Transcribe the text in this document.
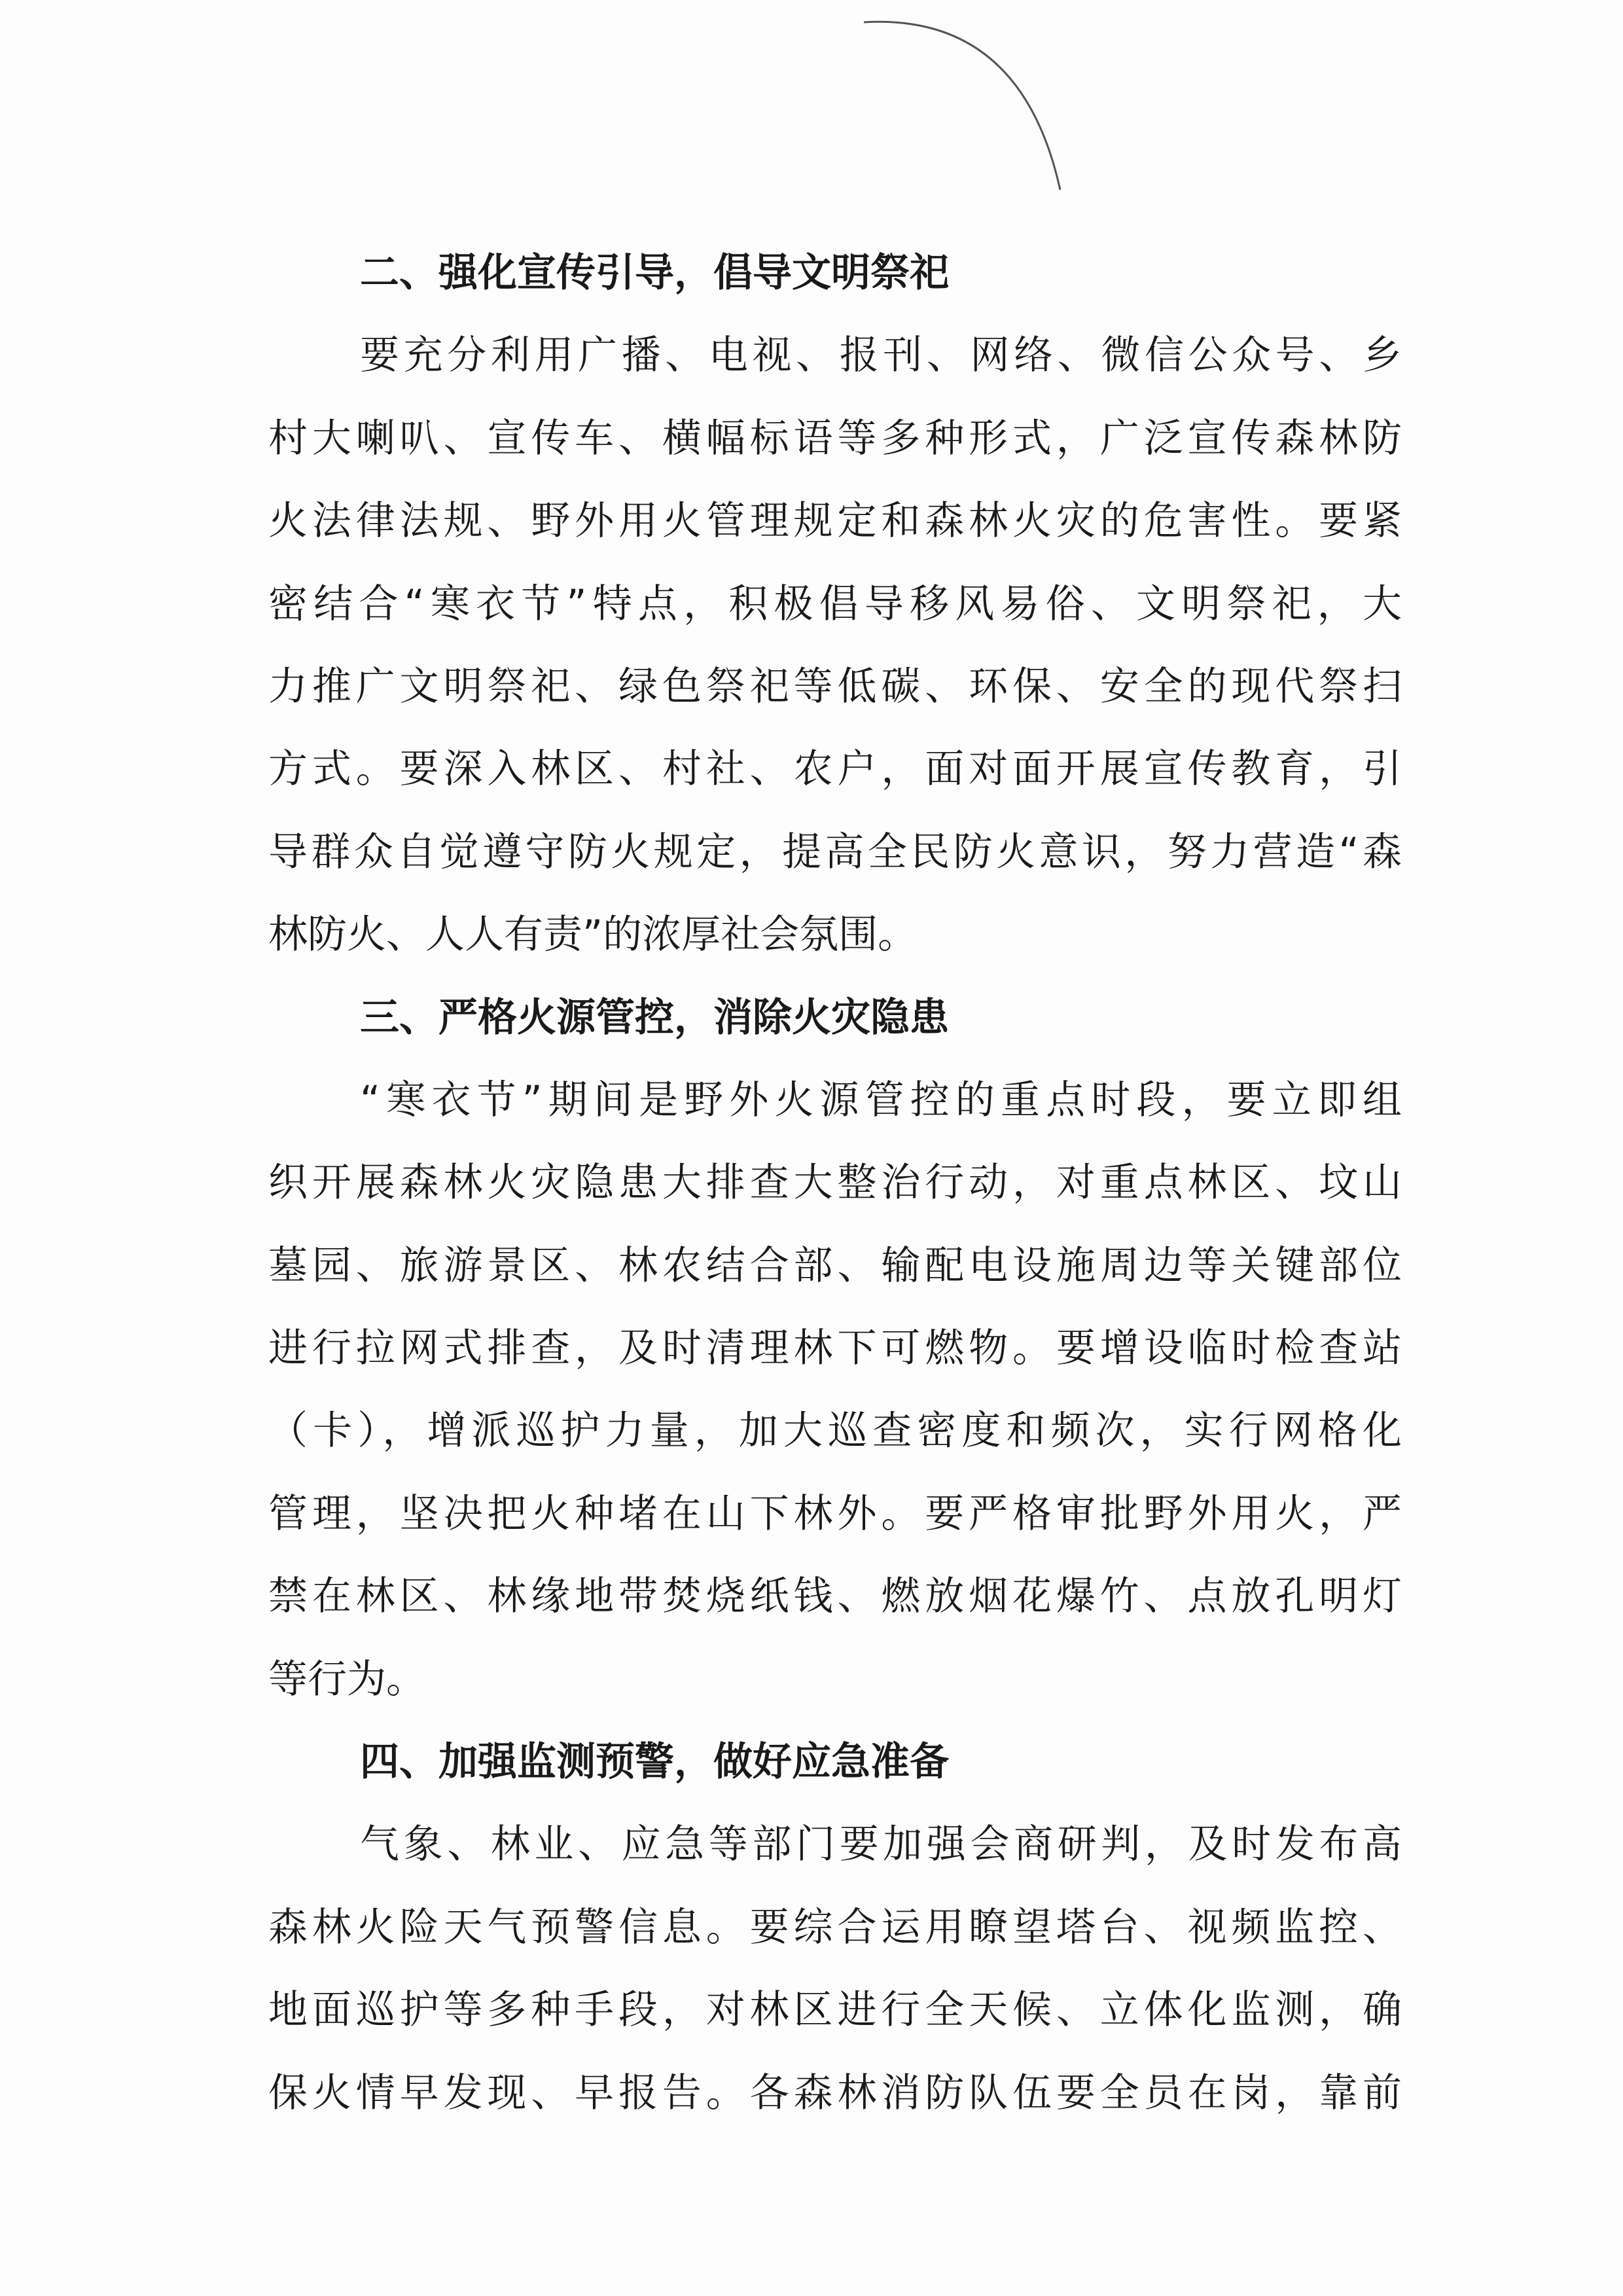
二、强化宣传引导，倡导文明祭祀
要充分利用广播、电视、报刊、网络、微信公众号、乡
村大喇叭、宣传车、横幅标语等多种形式，广泛宣传森林防
火法律法规、野外用火管理规定和森林火灾的危害性。要紧
密结合“寒衣节”特点，积极倡导移风易俗、文明祭祀，大
力推广文明祭祀、绿色祭祀等低碳、环保、安全的现代祭扫
方式。要深入林区、村社、农户，面对面开展宣传教育，引
导群众自觉遵守防火规定，提高全民防火意识，努力营造“森
林防火、人人有责”的浓厚社会氛围。
三、严格火源管控，消除火灾隐患
“寒衣节”期间是野外火源管控的重点时段，要立即组
织开展森林火灾隐患大排查大整治行动，对重点林区、坟山
墓园、旅游景区、林农结合部、输配电设施周边等关键部位
进行拉网式排查，及时清理林下可燃物。要增设临时检查站
（卡），增派巡护力量，加大巡查密度和频次，实行网格化
管理，坚决把火种堵在山下林外。要严格审批野外用火，严
禁在林区、林缘地带焚烧纸钱、燃放烟花爆竹、点放孔明灯
等行为。
四、加强监测预警，做好应急准备
气象、林业、应急等部门要加强会商研判，及时发布高
森林火险天气预警信息。要综合运用瞭望塔台、视频监控、
地面巡护等多种手段，对林区进行全天候、立体化监测，确
保火情早发现、早报告。各森林消防队伍要全员在岗，靠前
